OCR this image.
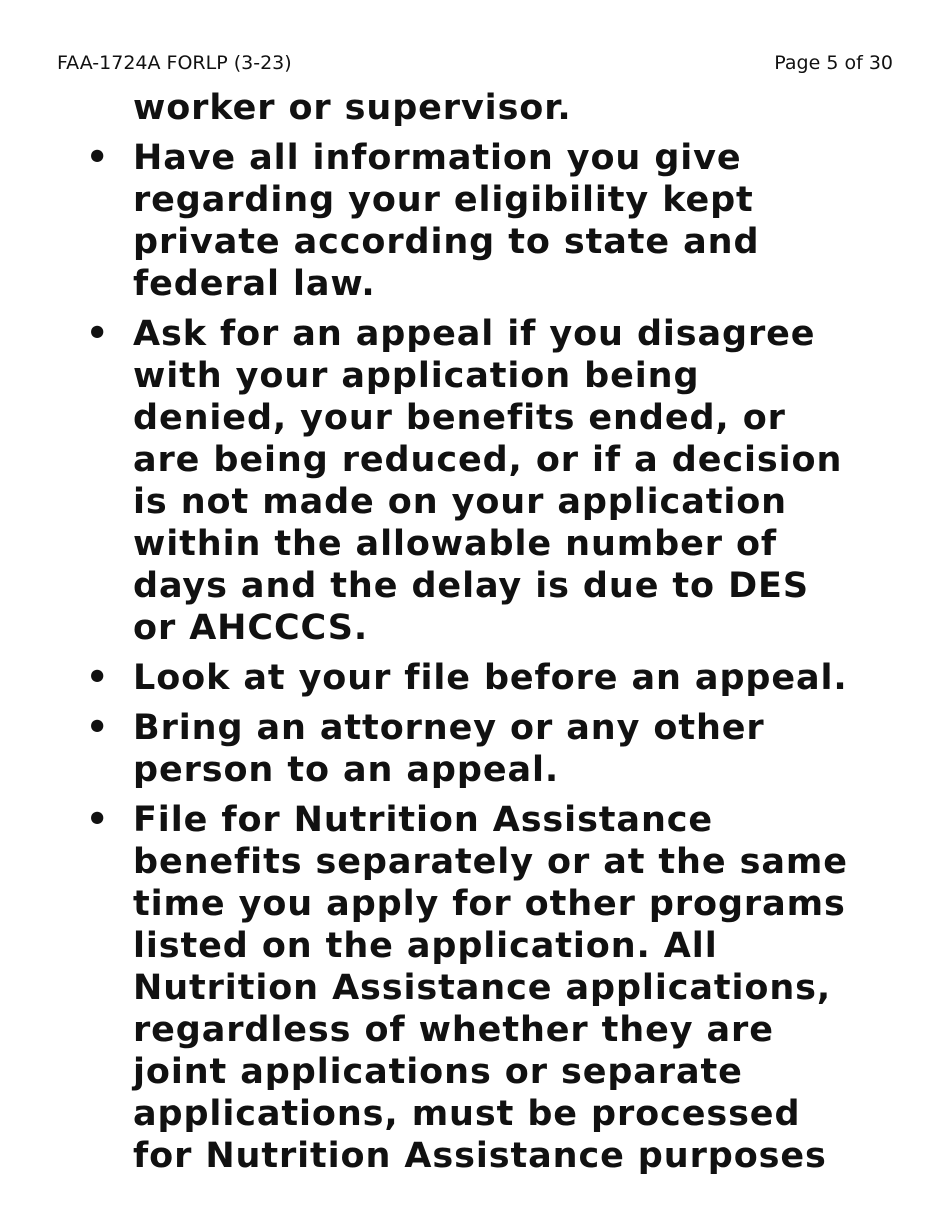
FAA-1724A FORLP (3-23)	Page 5 of 30
worker or supervisor.
• Have all information you give
regarding your eligibility kept
private according to state and
federal law.
• Ask for an appeal if you disagree
with your application being
denied, your benefits ended, or
are being reduced, or if a decision
is not made on your application
within the allowable number of
days and the delay is due to DES
or AHCCCS.
• Look at your file before an appeal.
• Bring an attorney or any other
person to an appeal.
• File for Nutrition Assistance
benefits separately or at the same
time you apply for other programs
listed on the application. All
Nutrition Assistance applications,
regardless of whether they are
joint applications or separate
applications, must be processed
for Nutrition Assistance purposes
